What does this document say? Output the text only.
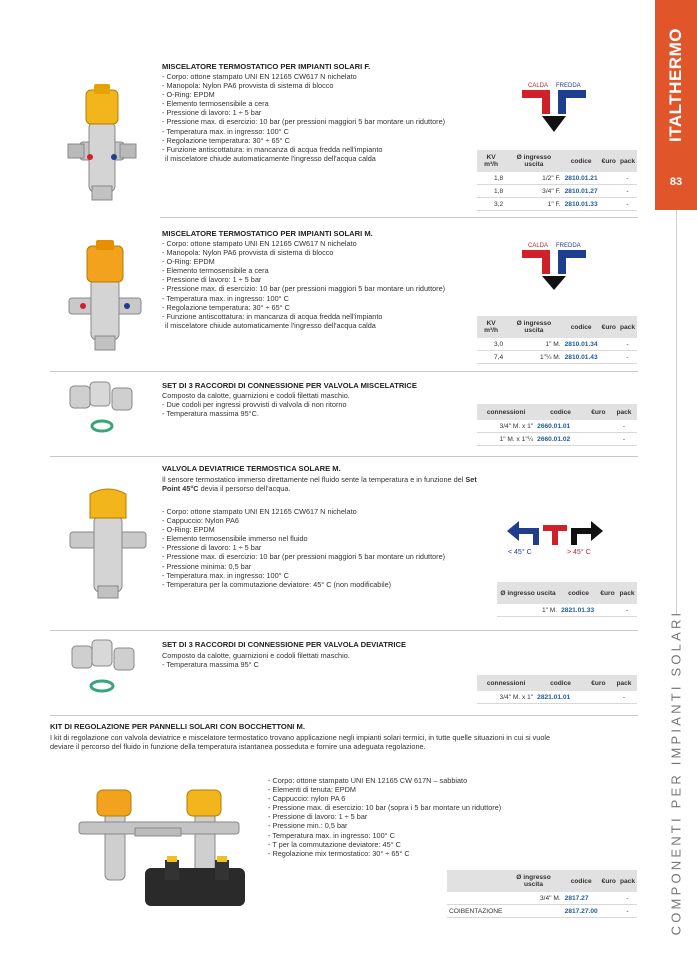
ITALTHERMO
83
COMPONENTI PER IMPIANTI SOLARI
MISCELATORE TERMOSTATICO PER IMPIANTI SOLARI F.
- Corpo: ottone stampato UNI EN 12165 CW617 N nichelato
- Manopola: Nylon PA6 provvista di sistema di blocco
- O-Ring: EPDM
- Elemento termosensibile a cera
- Pressione di lavoro: 1 ÷ 5 bar
- Pressione max. di esercizio: 10 bar (per pressioni maggiori 5 bar montare un riduttore)
- Temperatura max. in ingresso: 100° C
- Regolazione temperatura: 30° ÷ 65° C
- Funzione antiscottatura: in mancanza di acqua fredda nell'impianto
il miscelatore chiude automaticamente l'ingresso dell'acqua calda
CALDA FREDDA
KV m³/h	Ø ingresso uscita	codice	€uro	pack
1,8	1/2" F.	2810.01.21		-
1,8	3/4" F.	2810.01.27		-
3,2	1" F.	2810.01.33		-
MISCELATORE TERMOSTATICO PER IMPIANTI SOLARI M.
- Corpo: ottone stampato UNI EN 12165 CW617 N nichelato
- Manopola: Nylon PA6 provvista di sistema di blocco
- O-Ring: EPDM
- Elemento termosensibile a cera
- Pressione di lavoro: 1 ÷ 5 bar
- Pressione max. di esercizio: 10 bar (per pressioni maggiori 5 bar montare un riduttore)
- Temperatura max. in ingresso: 100° C
- Regolazione temperatura: 30° ÷ 65° C
- Funzione antiscottatura: in mancanza di acqua fredda nell'impianto
il miscelatore chiude automaticamente l'ingresso dell'acqua calda
CALDA FREDDA
KV m³/h	Ø ingresso uscita	codice	€uro	pack
3,0	1" M.	2810.01.34		-
7,4	1"¼ M.	2810.01.43		-
SET DI 3 RACCORDI DI CONNESSIONE PER VALVOLA MISCELATRICE
Composto da calotte, guarnizioni e codoli filettati maschio.
- Due codoli per ingressi provvisti di valvola di non ritorno
- Temperatura massima 95°C.	connessioni	codice	€uro	pack
3/4" M. x 1"	2660.01.01		-
1" M. x 1"¼	2660.01.02		-
VALVOLA DEVIATRICE TERMOSTICA SOLARE M.
Il sensore termostatico immerso direttamente nel fluido sente la temperatura e in funzione del Set
Point 45°C devia il persorso dell'acqua.
- Corpo: ottone stampato UNI EN 12165 CW617 N nichelato
- Cappuccio: Nylon PA6
- O-Ring: EPDM
- Elemento termosensibile immerso nel fluido
- Pressione di lavoro: 1 ÷ 5 bar
- Pressione max. di esercizio: 10 bar (per pressioni maggiori 5 bar montare un riduttore)
- Pressione minima: 0,5 bar
- Temperatura max. in ingresso: 100° C
- Temperatura per la commutazione deviatore: 45° C (non modificabile)
< 45° C	> 45° C
Ø ingresso uscita	codice	€uro	pack
1" M.	2821.01.33		-
SET DI 3 RACCORDI DI CONNESSIONE PER VALVOLA DEVIATRICE
Composto da calotte, guarnizioni e codoli filettati maschio.
- Temperatura massima 95° C
connessioni	codice	€uro	pack
3/4" M. x 1"	2821.01.01		-
KIT DI REGOLAZIONE PER PANNELLI SOLARI CON BOCCHETTONI M.
I kit di regolazione con valvola deviatrice e miscelatore termostatico trovano applicazione negli impianti solari termici, in tutte quelle situazioni in cui si vuole
deviare il percorso del fluido in funzione della temperatura istantanea posseduta e fornire una adeguata regolazione.
- Corpo: ottone stampato UNI EN 12165 CW 617N – sabbiato
- Elementi di tenuta: EPDM
- Cappuccio: nylon PA 6
- Pressione max. di esercizio: 10 bar (sopra i 5 bar montare un riduttore)
- Pressione di lavoro: 1 ÷ 5 bar
- Pressione min.: 0,5 bar
- Temperatura max. in ingresso: 100° C
- T per la commutazione deviatore: 45° C
- Regolazione mix termostatico: 30° ÷ 65° C
	Ø ingresso uscita	codice	€uro	pack
	3/4" M.	2817.27		-
COIBENTAZIONE		2817.27.00		-
